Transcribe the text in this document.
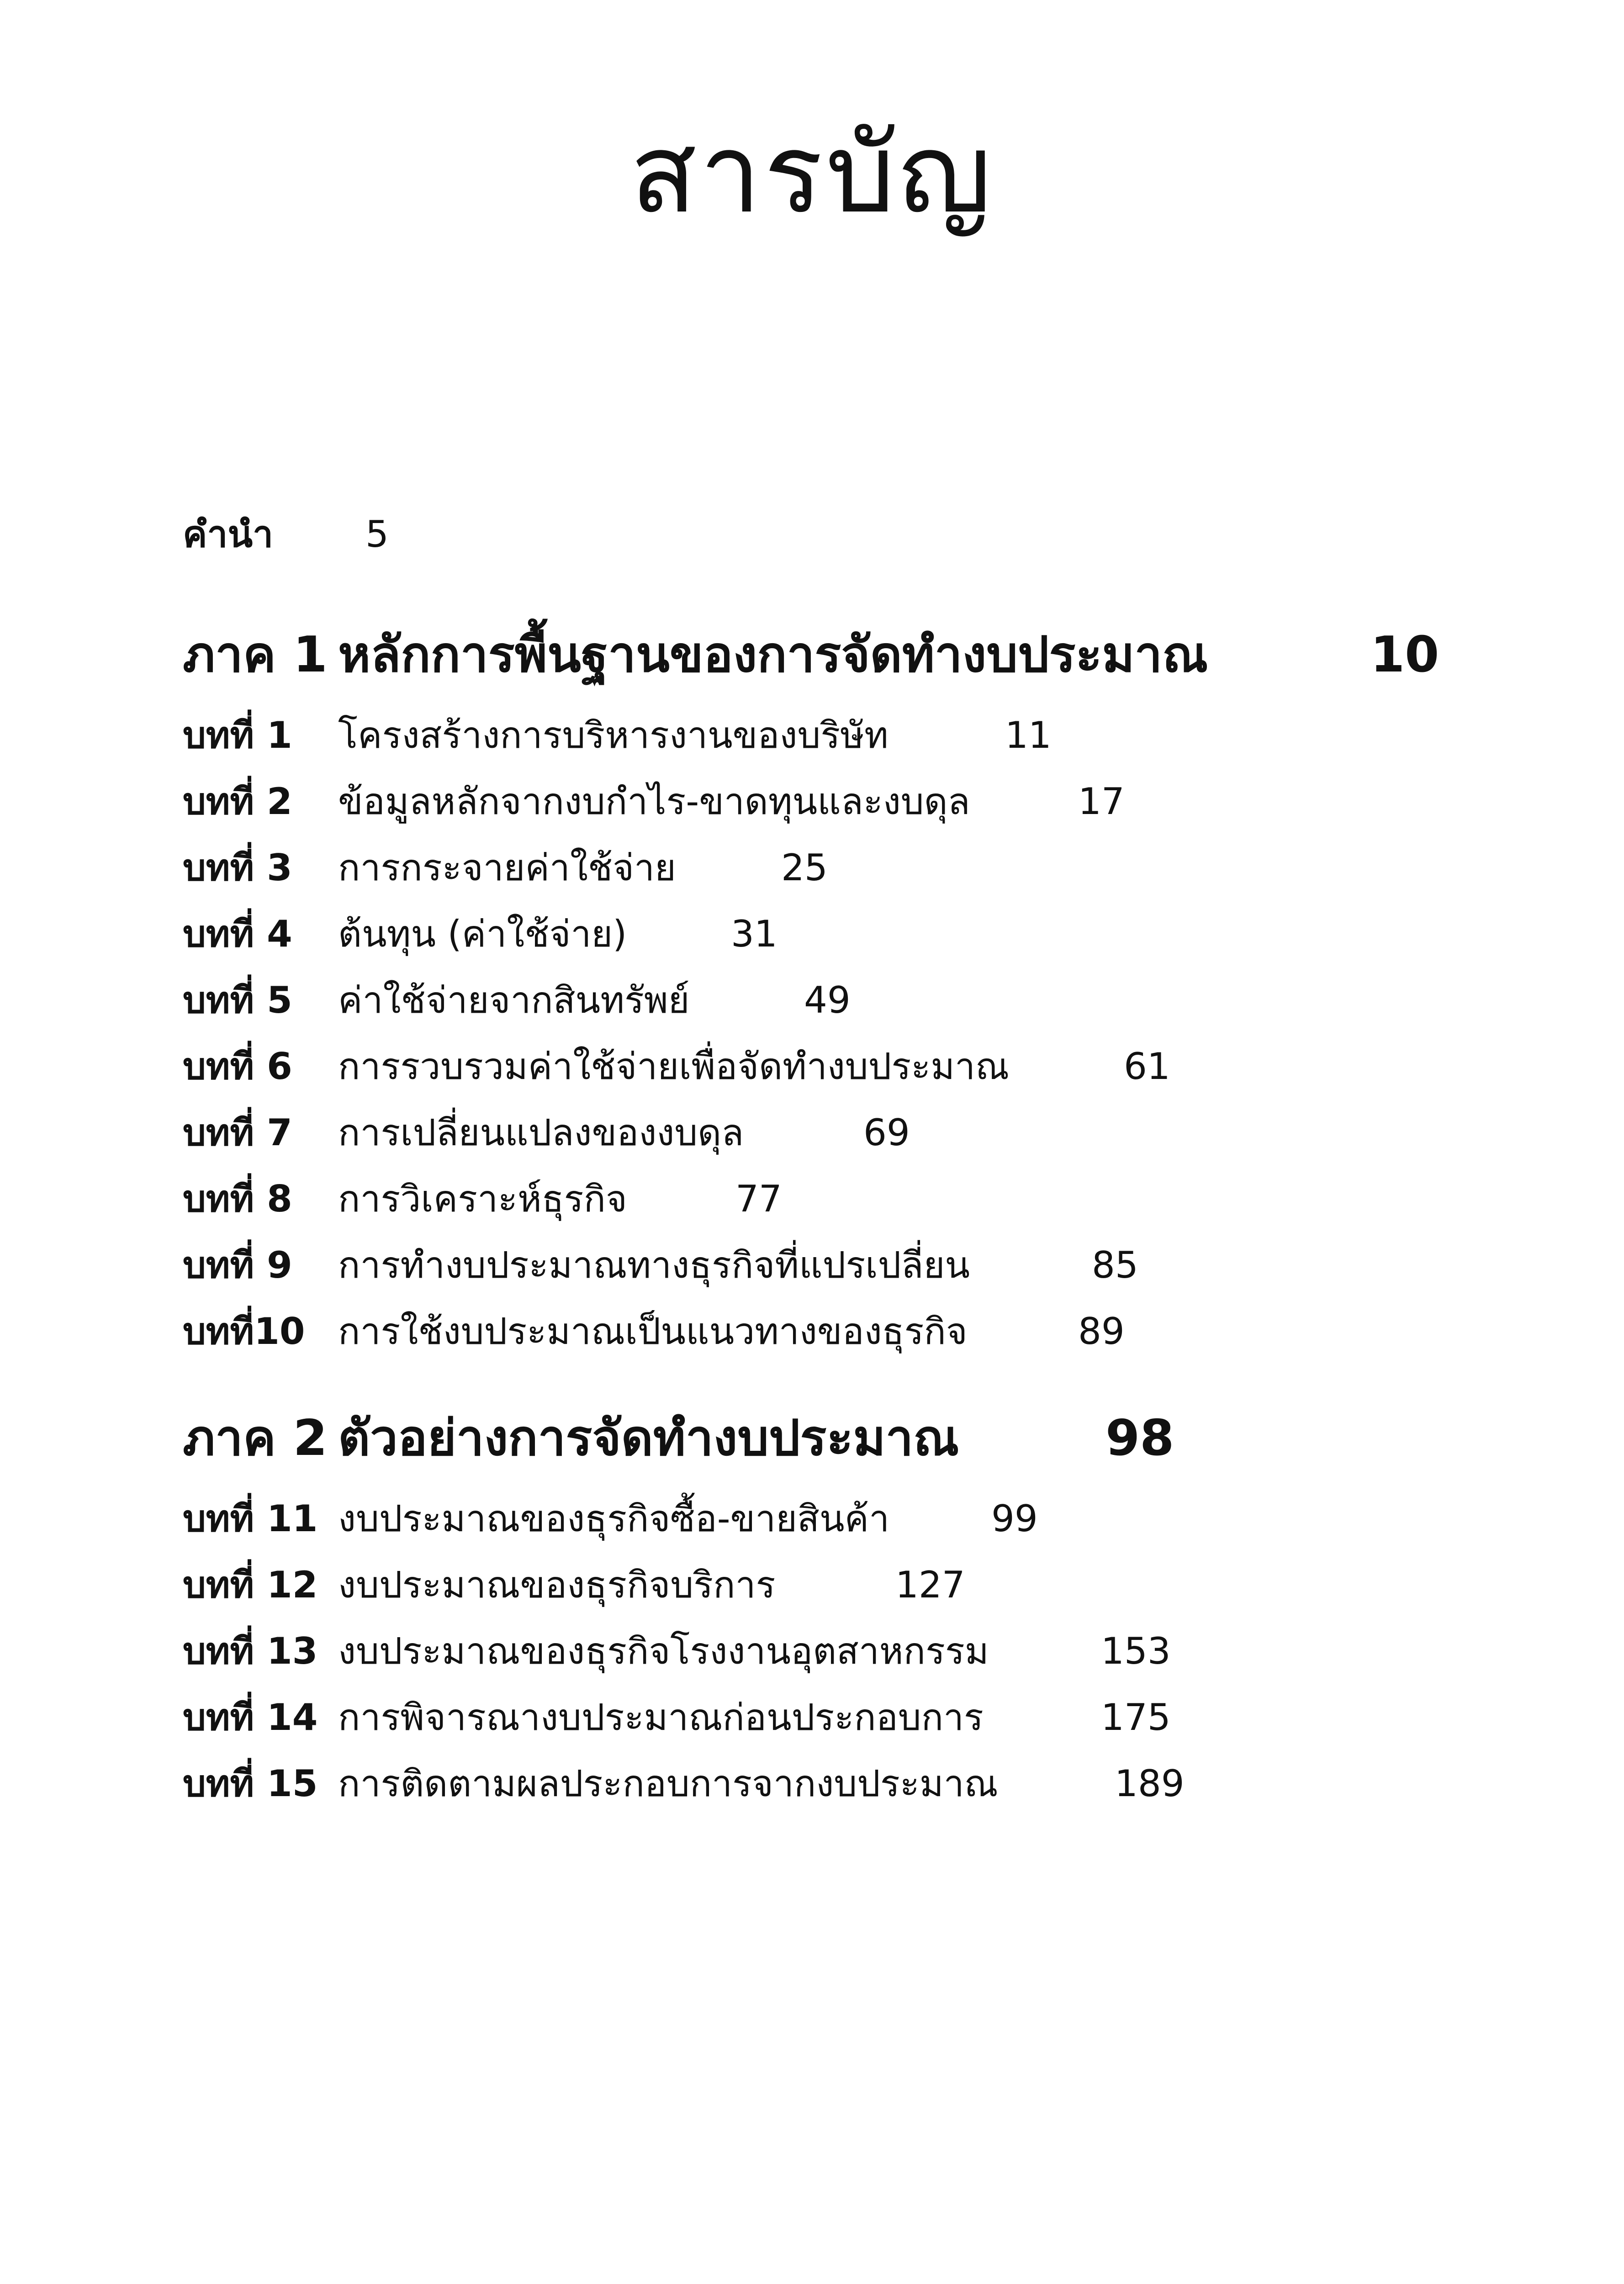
สารบัญ
คำนำ	5
ภาค 1 หลักการพื้นฐานของการจัดทำงบประมาณ	10
บทที่ 1 โครงสร้างการบริหารงานของบริษัท	11
บทที่ 2 ข้อมูลหลักจากงบกำไร-ขาดทุนและงบดุล	17
บทที่ 3 การกระจายค่าใช้จ่าย	25
บทที่ 4 ต้นทุน (ค่าใช้จ่าย)	31
บทที่ 5 ค่าใช้จ่ายจากสินทรัพย์	49
บทที่ 6 การรวบรวมค่าใช้จ่ายเพื่อจัดทำงบประมาณ	61
บทที่ 7 การเปลี่ยนแปลงของงบดุล	69
บทที่ 8 การวิเคราะห์ธุรกิจ	77
บทที่ 9 การทำงบประมาณทางธุรกิจที่แปรเปลี่ยน	85
บทที่10 การใช้งบประมาณเป็นแนวทางของธุรกิจ	89
ภาค 2 ตัวอย่างการจัดทำงบประมาณ	98
บทที่ 11 งบประมาณของธุรกิจซื้อ-ขายสินค้า	99
บทที่ 12 งบประมาณของธุรกิจบริการ	127
บทที่ 13 งบประมาณของธุรกิจโรงงานอุตสาหกรรม	153
บทที่ 14 การพิจารณางบประมาณก่อนประกอบการ	175
บทที่ 15 การติดตามผลประกอบการจากงบประมาณ	189
